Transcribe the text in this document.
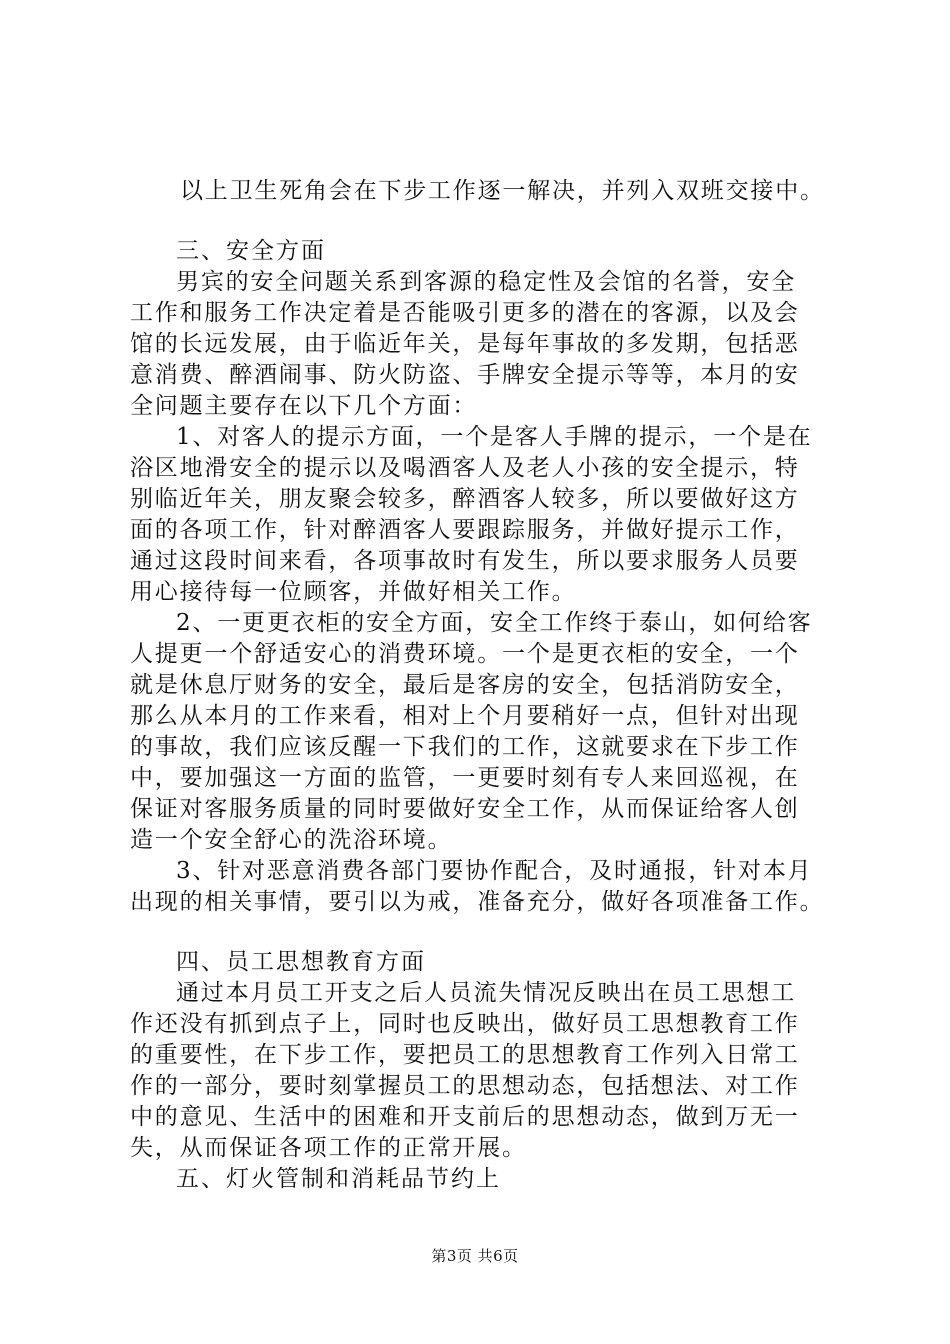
以上卫生死角会在下步工作逐一解决，并列入双班交接中。
三、安全方面
男宾的安全问题关系到客源的稳定性及会馆的名誉，安全
工作和服务工作决定着是否能吸引更多的潜在的客源，以及会
馆的长远发展，由于临近年关，是每年事故的多发期，包括恶
意消费、醉酒闹事、防火防盗、手牌安全提示等等，本月的安
全问题主要存在以下几个方面：
1、对客人的提示方面，一个是客人手牌的提示，一个是在
浴区地滑安全的提示以及喝酒客人及老人小孩的安全提示，特
别临近年关，朋友聚会较多，醉酒客人较多，所以要做好这方
面的各项工作，针对醉酒客人要跟踪服务，并做好提示工作，
通过这段时间来看，各项事故时有发生，所以要求服务人员要
用心接待每一位顾客，并做好相关工作。
2、一更更衣柜的安全方面，安全工作终于泰山，如何给客
人提更一个舒适安心的消费环境。一个是更衣柜的安全，一个
就是休息厅财务的安全，最后是客房的安全，包括消防安全，
那么从本月的工作来看，相对上个月要稍好一点，但针对出现
的事故，我们应该反醒一下我们的工作，这就要求在下步工作
中，要加强这一方面的监管，一更要时刻有专人来回巡视，在
保证对客服务质量的同时要做好安全工作，从而保证给客人创
造一个安全舒心的洗浴环境。
3、针对恶意消费各部门要协作配合，及时通报，针对本月
出现的相关事情，要引以为戒，准备充分，做好各项准备工作。
四、员工思想教育方面
通过本月员工开支之后人员流失情况反映出在员工思想工
作还没有抓到点子上，同时也反映出，做好员工思想教育工作
的重要性，在下步工作，要把员工的思想教育工作列入日常工
作的一部分，要时刻掌握员工的思想动态，包括想法、对工作
中的意见、生活中的困难和开支前后的思想动态，做到万无一
失，从而保证各项工作的正常开展。
五、灯火管制和消耗品节约上
第3页 共6页
